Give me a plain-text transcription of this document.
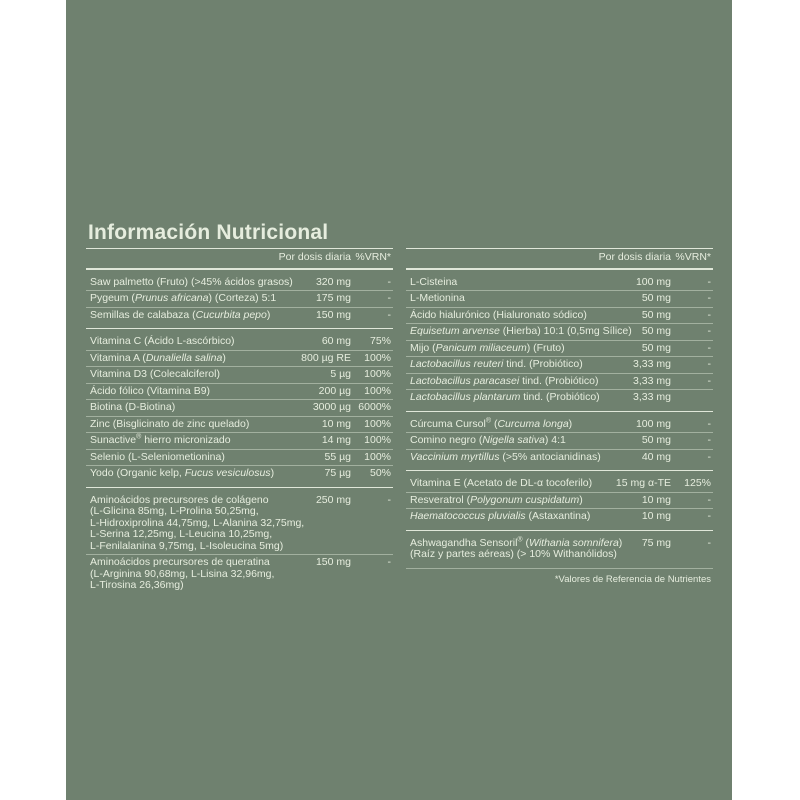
Información Nutricional
Por dosis diaria %VRN*
Saw palmetto (Fruto) (>45% ácidos grasos)	320 mg	-
Pygeum (Prunus africana) (Corteza) 5:1	175 mg	-
Semillas de calabaza (Cucurbita pepo)	150 mg	-
Vitamina C (Ácido L-ascórbico)	60 mg	75%
Vitamina A (Dunaliella salina)	800 µg RE	100%
Vitamina D3 (Colecalciferol)	5 µg	100%
Ácido fólico (Vitamina B9)	200 µg	100%
Biotina (D-Biotina)	3000 µg 6000%
Zinc (Bisglicinato de zinc quelado)	10 mg	100%
Sunactive® hierro micronizado	14 mg	100%
Selenio (L-Seleniometionina)	55 µg	100%
Yodo (Organic kelp, Fucus vesiculosus)	75 µg	50%
Aminoácidos precursores de colágeno
(L-Glicina 85mg, L-Prolina 50,25mg,
L-Hidroxiprolina 44,75mg, L-Alanina 32,75mg,
L-Serina 12,25mg, L-Leucina 10,25mg,
L-Fenilalanina 9,75mg, L-Isoleucina 5mg)
250 mg	-
Aminoácidos precursores de queratina
(L-Arginina 90,68mg, L-Lisina 32,96mg,
L-Tirosina 26,36mg)
150 mg	-
Por dosis diaria %VRN*
L-Cisteina	100 mg	-
L-Metionina	50 mg	-
Ácido hialurónico (Hialuronato sódico)	50 mg	-
Equisetum arvense (Hierba) 10:1 (0,5mg Sílice) 50 mg	-
Mijo (Panicum miliaceum) (Fruto)	50 mg	-
Lactobacillus reuteri tind. (Probiótico)	3,33 mg	-
Lactobacillus paracasei tind. (Probiótico)	3,33 mg	-
Lactobacillus plantarum tind. (Probiótico)	3,33 mg
Cúrcuma Cursol® (Curcuma longa)	100 mg	-
Comino negro (Nigella sativa) 4:1	50 mg	-
Vaccinium myrtillus (>5% antocianidinas)	40 mg	-
Vitamina E (Acetato de DL-α tocoferilo)	15 mg α-TE	125%
Resveratrol (Polygonum cuspidatum)	10 mg	-
Haematococcus pluvialis (Astaxantina)	10 mg	-
Ashwagandha Sensoril® (Withania somnifera)
(Raíz y partes aéreas) (> 10% Withanólidos)
75 mg	-
*Valores de Referencia de Nutrientes
